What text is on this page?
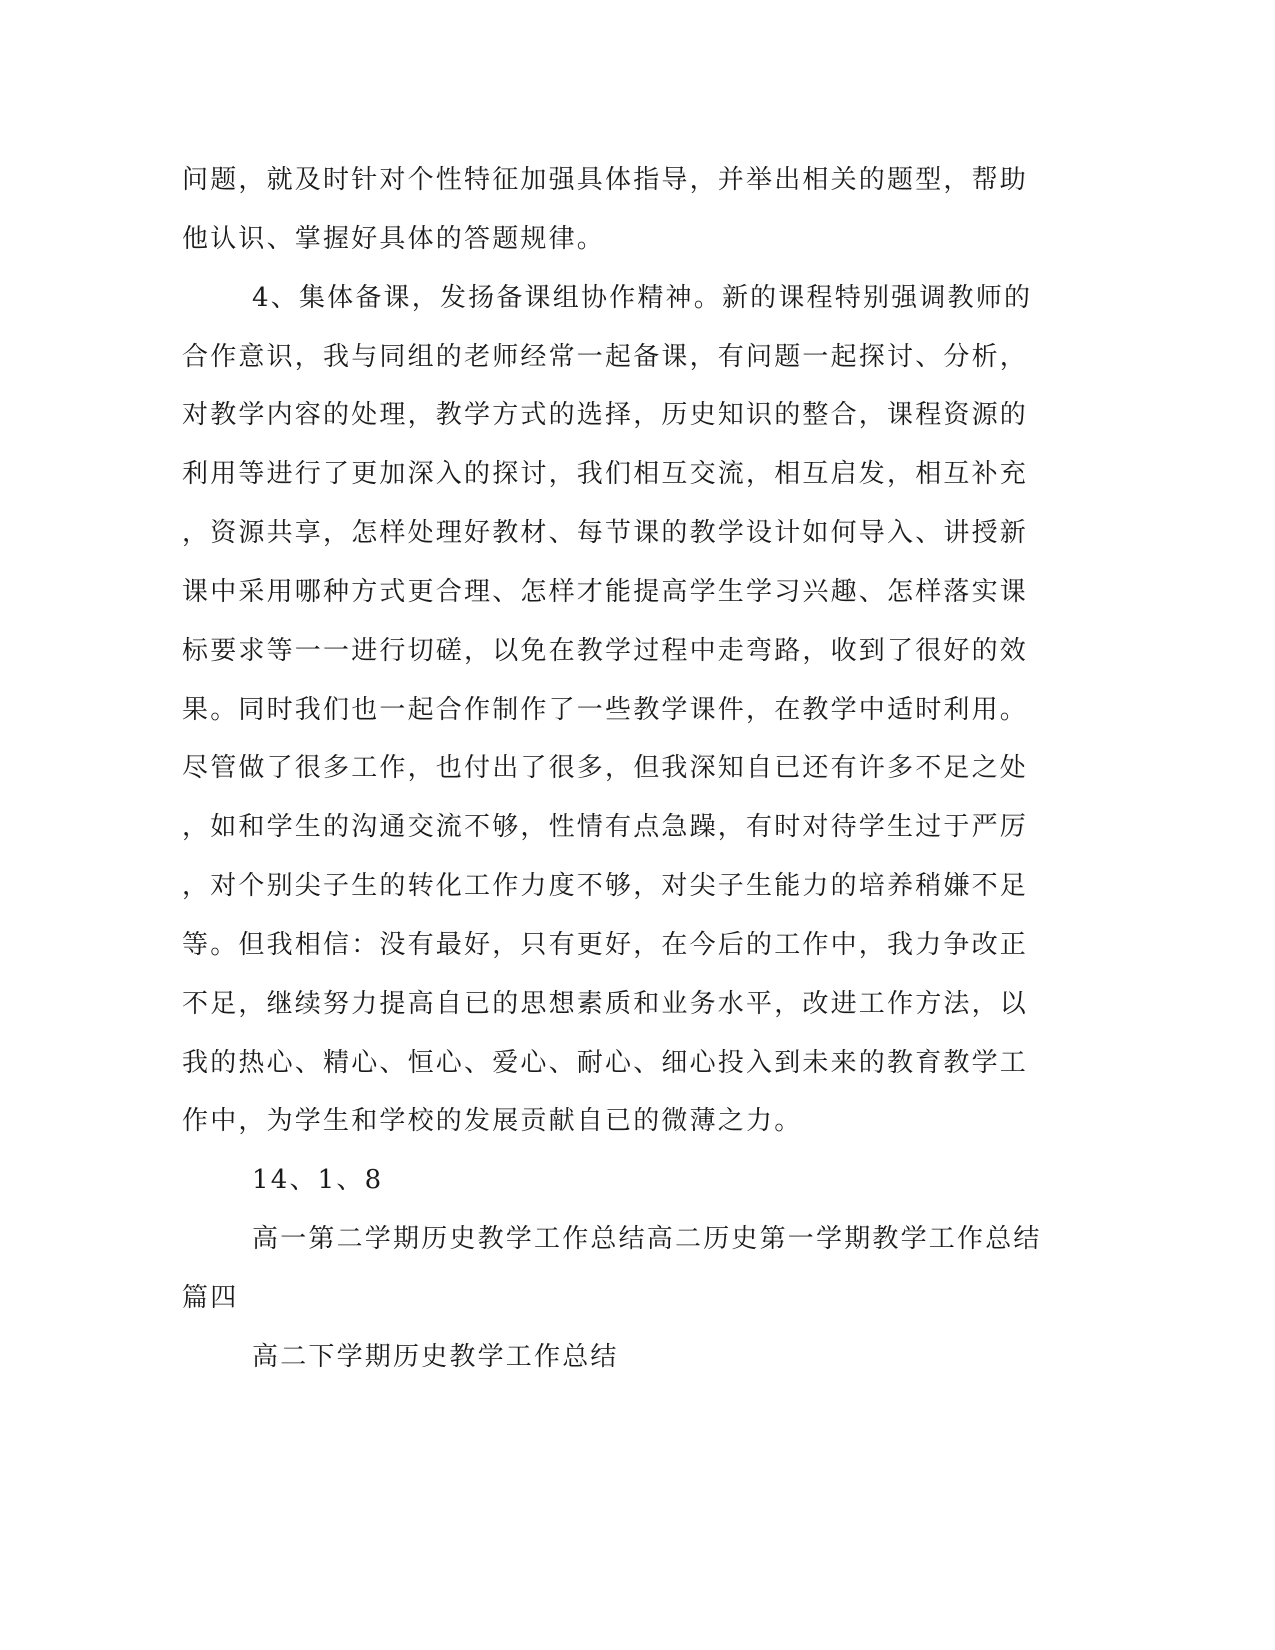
问题，就及时针对个性特征加强具体指导，并举出相关的题型，帮助
他认识、掌握好具体的答题规律。
4、集体备课，发扬备课组协作精神。新的课程特别强调教师的
合作意识，我与同组的老师经常一起备课，有问题一起探讨、分析，
对教学内容的处理，教学方式的选择，历史知识的整合，课程资源的
利用等进行了更加深入的探讨，我们相互交流，相互启发，相互补充
，资源共享，怎样处理好教材、每节课的教学设计如何导入、讲授新
课中采用哪种方式更合理、怎样才能提高学生学习兴趣、怎样落实课
标要求等一一进行切磋，以免在教学过程中走弯路，收到了很好的效
果。同时我们也一起合作制作了一些教学课件，在教学中适时利用。
尽管做了很多工作，也付出了很多，但我深知自已还有许多不足之处
，如和学生的沟通交流不够，性情有点急躁，有时对待学生过于严厉
，对个别尖子生的转化工作力度不够，对尖子生能力的培养稍嫌不足
等。但我相信：没有最好，只有更好，在今后的工作中，我力争改正
不足，继续努力提高自已的思想素质和业务水平，改进工作方法，以
我的热心、精心、恒心、爱心、耐心、细心投入到未来的教育教学工
作中，为学生和学校的发展贡献自已的微薄之力。
14、1、8
高一第二学期历史教学工作总结高二历史第一学期教学工作总结
篇四
高二下学期历史教学工作总结
